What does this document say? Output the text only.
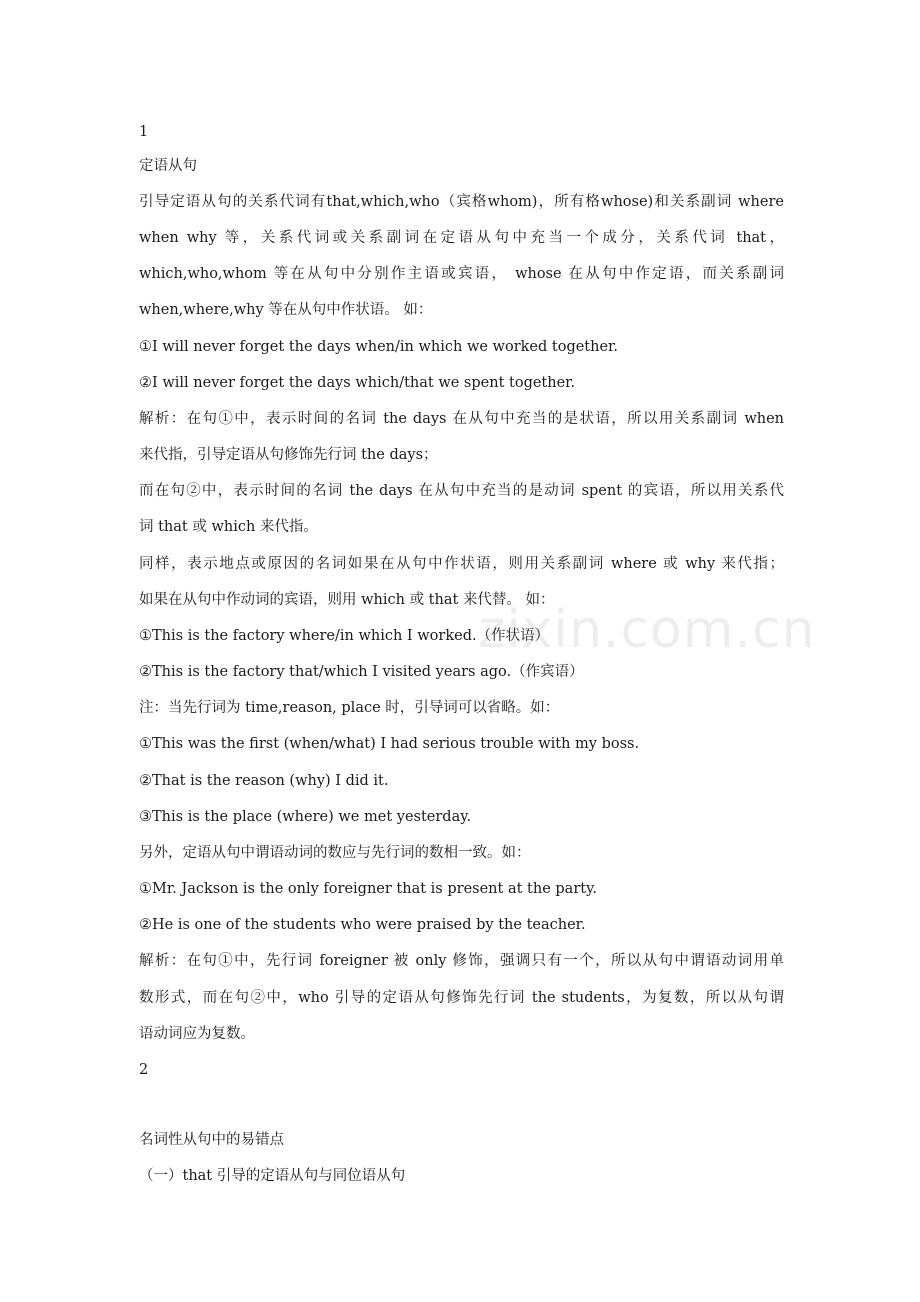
zixin.com.cn
1
定语从句
引导定语从句的关系代词有that,which,who（宾格whom)，所有格whose)和关系副词 where
when why 等，关系代词或关系副词在定语从句中充当一个成分，关系代词 that，
which,who,whom 等在从句中分别作主语或宾语， whose 在从句中作定语，而关系副词
when,where,why 等在从句中作状语。 如：
①I will never forget the days when/in which we worked together.
②I will never forget the days which/that we spent together.
解析：在句①中，表示时间的名词 the days 在从句中充当的是状语，所以用关系副词 when
来代指，引导定语从句修饰先行词 the days；
而在句②中，表示时间的名词 the days 在从句中充当的是动词 spent 的宾语，所以用关系代
词 that 或 which 来代指。
同样，表示地点或原因的名词如果在从句中作状语，则用关系副词 where 或 why 来代指；
如果在从句中作动词的宾语，则用 which 或 that 来代替。 如：
①This is the factory where/in which I worked.（作状语）
②This is the factory that/which I visited years ago.（作宾语）
注：当先行词为 time,reason, place 时，引导词可以省略。如：
①This was the first (when/what) I had serious trouble with my boss.
②That is the reason (why) I did it.
③This is the place (where) we met yesterday.
另外，定语从句中谓语动词的数应与先行词的数相一致。如：
①Mr. Jackson is the only foreigner that is present at the party.
②He is one of the students who were praised by the teacher.
解析：在句①中，先行词 foreigner 被 only 修饰，强调只有一个，所以从句中谓语动词用单
数形式，而在句②中，who 引导的定语从句修饰先行词 the students，为复数，所以从句谓
语动词应为复数。
2
名词性从句中的易错点
（一）that 引导的定语从句与同位语从句
